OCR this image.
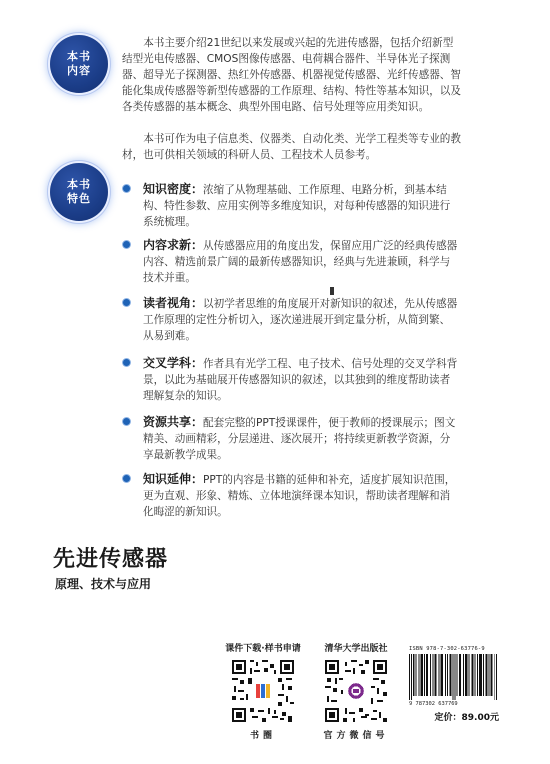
本书
内容

本书主要介绍21世纪以来发展或兴起的先进传感器，包括介绍新型结型光电传感器、CMOS图像传感器、电荷耦合器件、半导体光子探测器、超导光子探测器、热红外传感器、机器视觉传感器、光纤传感器、智能化集成传感器等新型传感器的工作原理、结构、特性等基本知识，以及各类传感器的基本概念、典型外围电路、信号处理等应用类知识。

本书可作为电子信息类、仪器类、自动化类、光学工程类等专业的教材，也可供相关领域的科研人员、工程技术人员参考。

本书
特色

知识密度：浓缩了从物理基础、工作原理、电路分析，到基本结构、特性参数、应用实例等多维度知识，对每种传感器的知识进行系统梳理。

内容求新：从传感器应用的角度出发，保留应用广泛的经典传感器内容、精选前景广阔的最新传感器知识，经典与先进兼顾，科学与技术并重。

读者视角：以初学者思维的角度展开对新知识的叙述，先从传感器工作原理的定性分析切入，逐次递进展开到定量分析，从简到繁、从易到难。

交叉学科：作者具有光学工程、电子技术、信号处理的交叉学科背景，以此为基础展开传感器知识的叙述，以其独到的维度帮助读者理解复杂的知识。

资源共享：配套完整的PPT授课课件，便于教师的授课展示；图文精美、动画精彩，分层递进、逐次展开；将持续更新教学资源，分享最新教学成果。

知识延伸：PPT的内容是书籍的延伸和补充，适度扩展知识范围，更为直观、形象、精炼、立体地演绎课本知识，帮助读者理解和消化晦涩的新知识。

先进传感器
原理、技术与应用
课件下载·样书申请
书圈
清华大学出版社
官方微信号
ISBN 978-7-302-63776-9
9 787302 637769
定价：89.00元
